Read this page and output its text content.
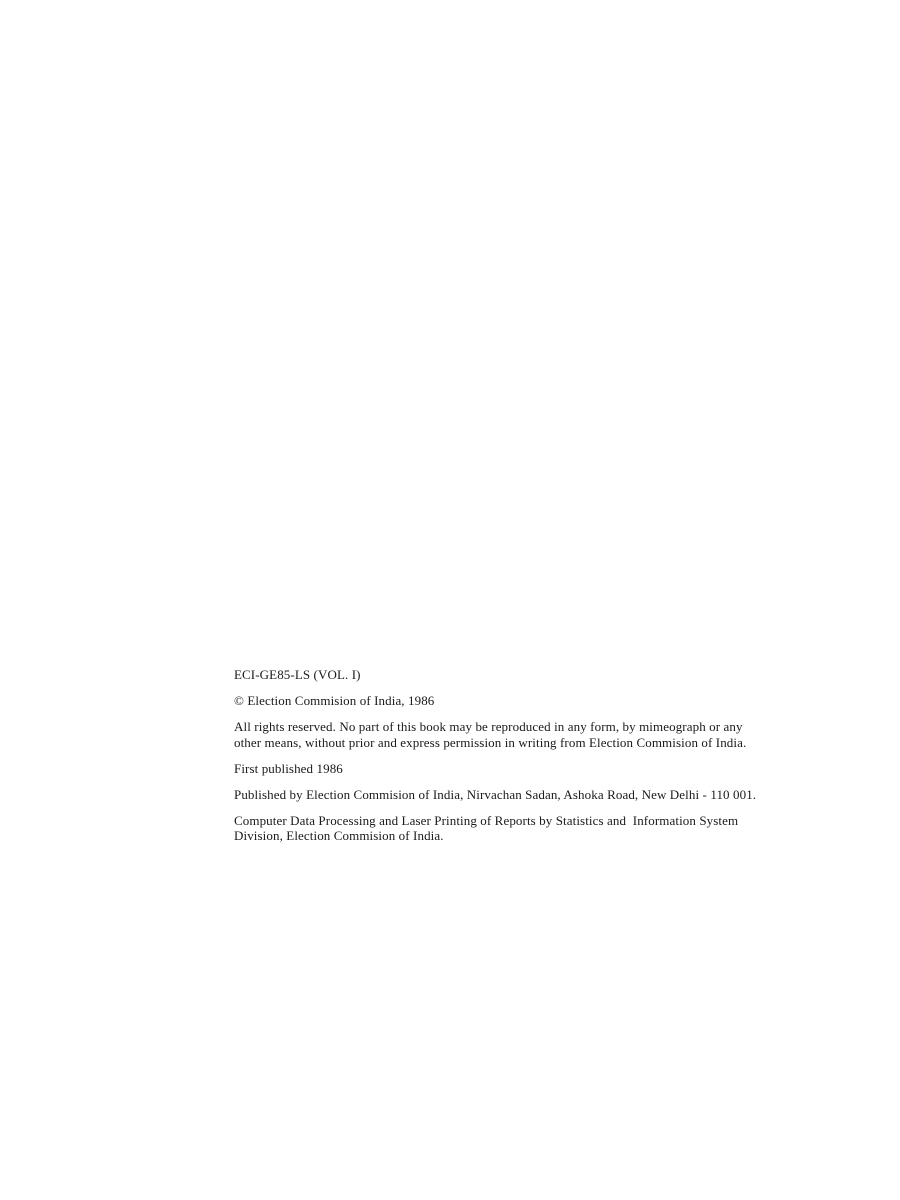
ECI-GE85-LS (VOL. I)
© Election Commision of India, 1986
All rights reserved. No part of this book may be reproduced in any form, by mimeograph or any
other means, without prior and express permission in writing from Election Commision of India.
First published 1986
Published by Election Commision of India, Nirvachan Sadan, Ashoka Road, New Delhi - 110 001.
Computer Data Processing and Laser Printing of Reports by Statistics and  Information System
Division, Election Commision of India.
